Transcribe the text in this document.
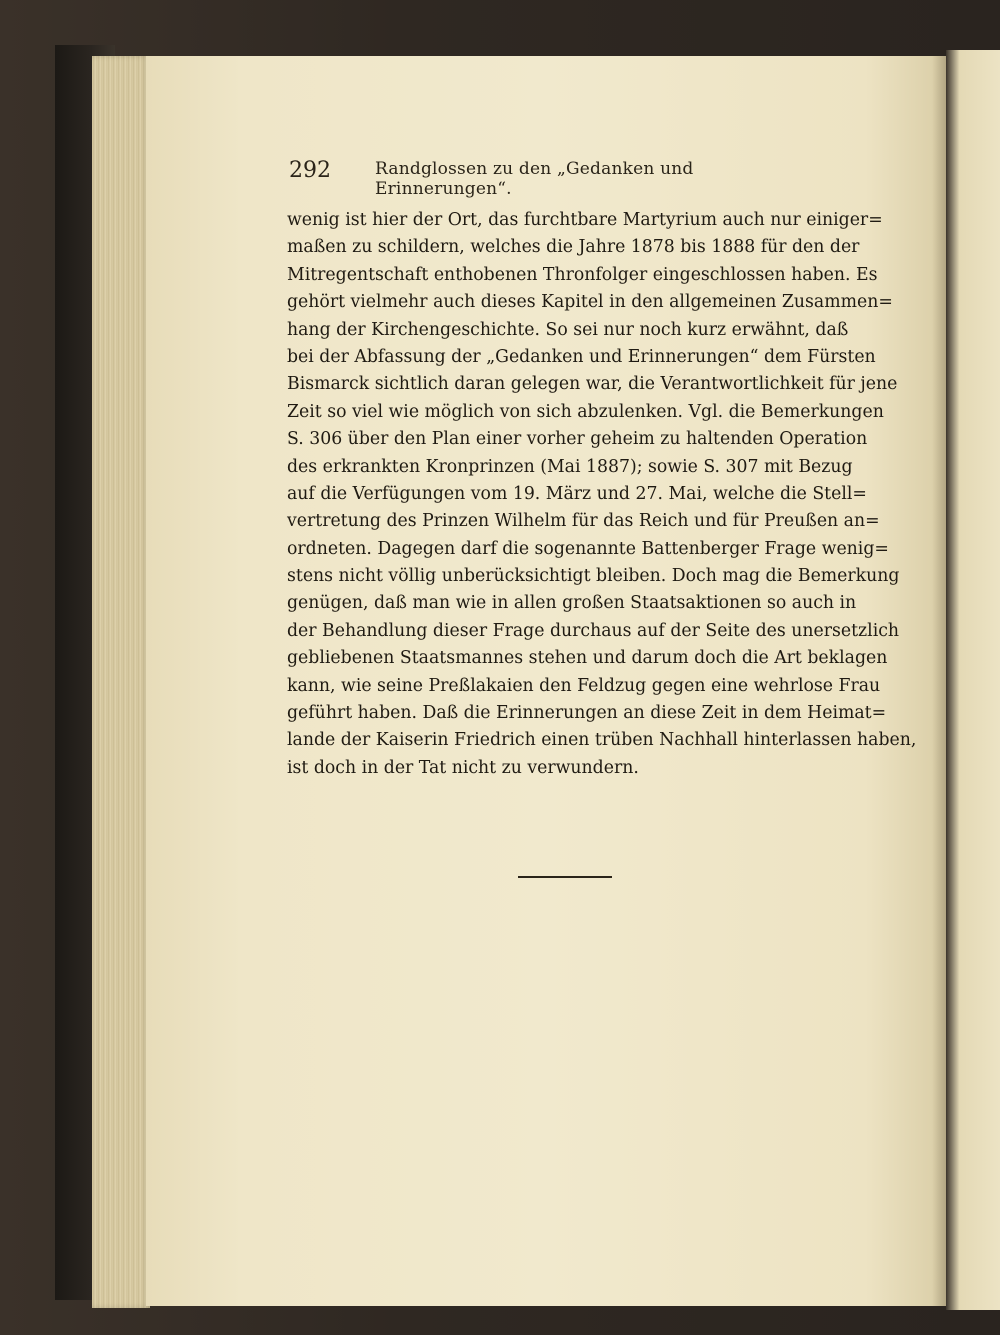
292	Randglossen zu den „Gedanken und Erinnerungen“.
wenig ist hier der Ort, das furchtbare Martyrium auch nur einiger=
maßen zu schildern, welches die Jahre 1878 bis 1888 für den der
Mitregentschaft enthobenen Thronfolger eingeschlossen haben. Es
gehört vielmehr auch dieses Kapitel in den allgemeinen Zusammen=
hang der Kirchengeschichte. So sei nur noch kurz erwähnt, daß
bei der Abfassung der „Gedanken und Erinnerungen“ dem Fürsten
Bismarck sichtlich daran gelegen war, die Verantwortlichkeit für jene
Zeit so viel wie möglich von sich abzulenken. Vgl. die Bemerkungen
S. 306 über den Plan einer vorher geheim zu haltenden Operation
des erkrankten Kronprinzen (Mai 1887); sowie S. 307 mit Bezug
auf die Verfügungen vom 19. März und 27. Mai, welche die Stell=
vertretung des Prinzen Wilhelm für das Reich und für Preußen an=
ordneten. Dagegen darf die sogenannte Battenberger Frage wenig=
stens nicht völlig unberücksichtigt bleiben. Doch mag die Bemerkung
genügen, daß man wie in allen großen Staatsaktionen so auch in
der Behandlung dieser Frage durchaus auf der Seite des unersetzlich
gebliebenen Staatsmannes stehen und darum doch die Art beklagen
kann, wie seine Preßlakaien den Feldzug gegen eine wehrlose Frau
geführt haben. Daß die Erinnerungen an diese Zeit in dem Heimat=
lande der Kaiserin Friedrich einen trüben Nachhall hinterlassen haben,
ist doch in der Tat nicht zu verwundern.
